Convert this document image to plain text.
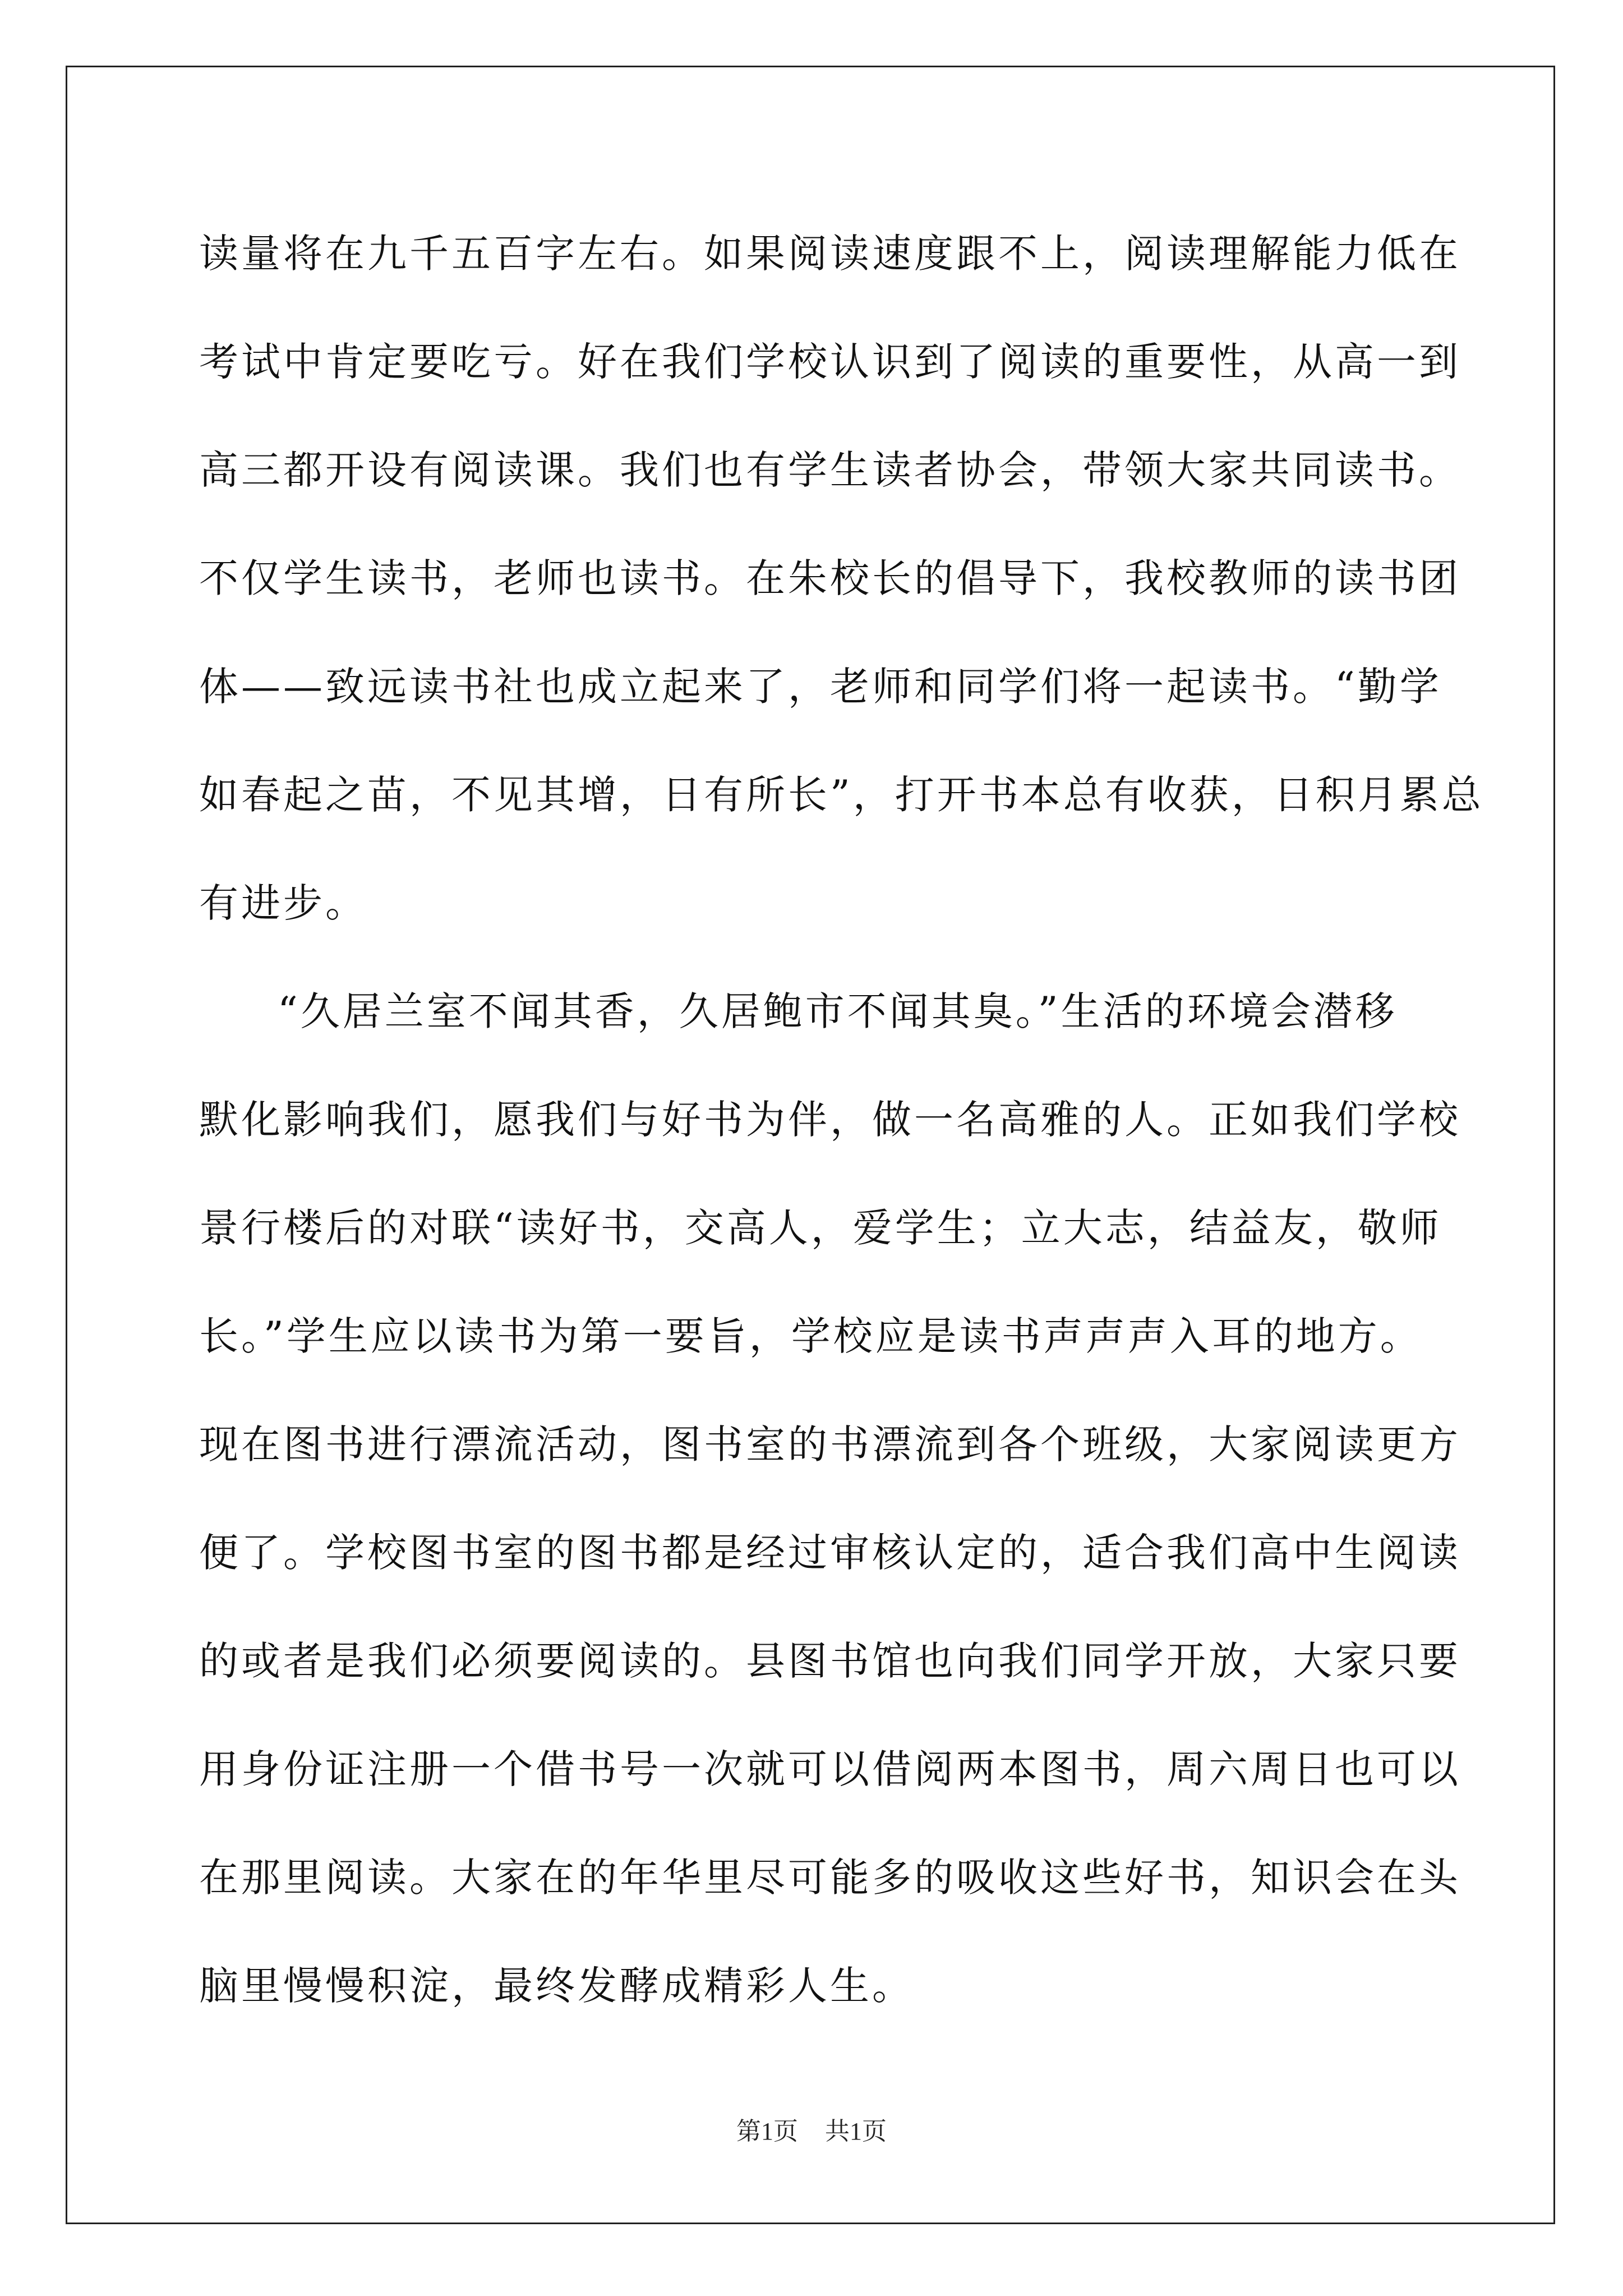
读量将在九千五百字左右。如果阅读速度跟不上，阅读理解能力低在
考试中肯定要吃亏。好在我们学校认识到了阅读的重要性，从高一到
高三都开设有阅读课。我们也有学生读者协会，带领大家共同读书。
不仅学生读书，老师也读书。在朱校长的倡导下，我校教师的读书团
体——致远读书社也成立起来了，老师和同学们将一起读书。“勤学
如春起之苗，不见其增，日有所长”，打开书本总有收获，日积月累总
有进步。
“久居兰室不闻其香，久居鲍市不闻其臭。”生活的环境会潜移
默化影响我们，愿我们与好书为伴，做一名高雅的人。正如我们学校
景行楼后的对联“读好书，交高人，爱学生；立大志，结益友，敬师
长。”学生应以读书为第一要旨，学校应是读书声声声入耳的地方。
现在图书进行漂流活动，图书室的书漂流到各个班级，大家阅读更方
便了。学校图书室的图书都是经过审核认定的，适合我们高中生阅读
的或者是我们必须要阅读的。县图书馆也向我们同学开放，大家只要
用身份证注册一个借书号一次就可以借阅两本图书，周六周日也可以
在那里阅读。大家在的年华里尽可能多的吸收这些好书，知识会在头
脑里慢慢积淀，最终发酵成精彩人生。
第1页 共1页
